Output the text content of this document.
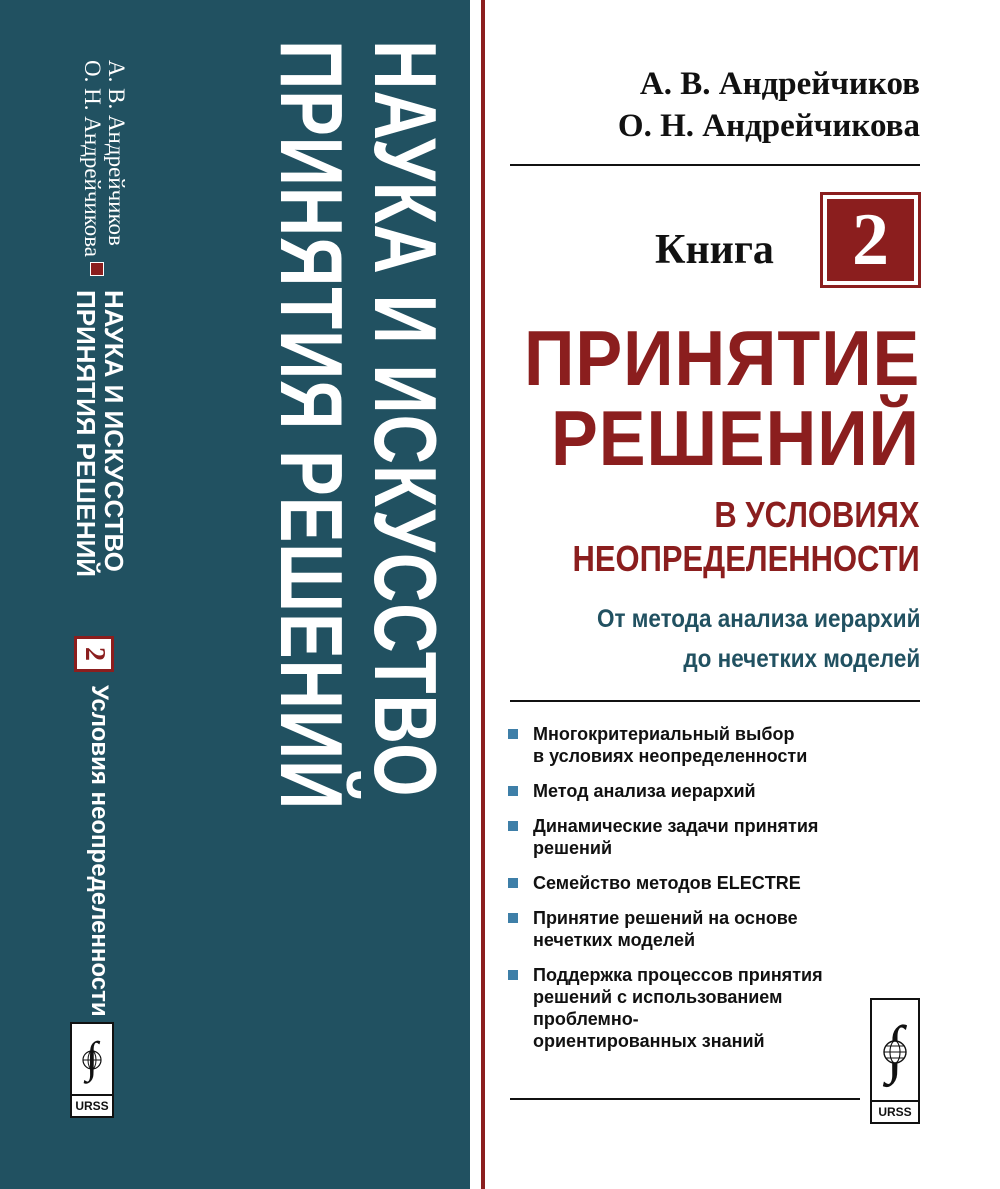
НАУКА И ИСКУССТВО
ПРИНЯТИЯ РЕШЕНИЙ
А. В. Андрейчиков
О. Н. Андрейчикова
НАУКА И ИСКУССТВО
ПРИНЯТИЯ РЕШЕНИЙ
2
Условия неопределенности
∫
URSS
А. В. Андрейчиков
О. Н. Андрейчикова
Книга	2
ПРИНЯТИЕ
РЕШЕНИЙ
В УСЛОВИЯХ
НЕОПРЕДЕЛЕННОСТИ
От метода анализа иерархий
до нечетких моделей
Многокритериальный выбор
в условиях неопределенности
Метод анализа иерархий
Динамические задачи принятия
решений
Семейство методов ELECTRE
Принятие решений на основе
нечетких моделей
Поддержка процессов принятия
решений с использованием
проблемно-
ориентированных знаний
URSS
